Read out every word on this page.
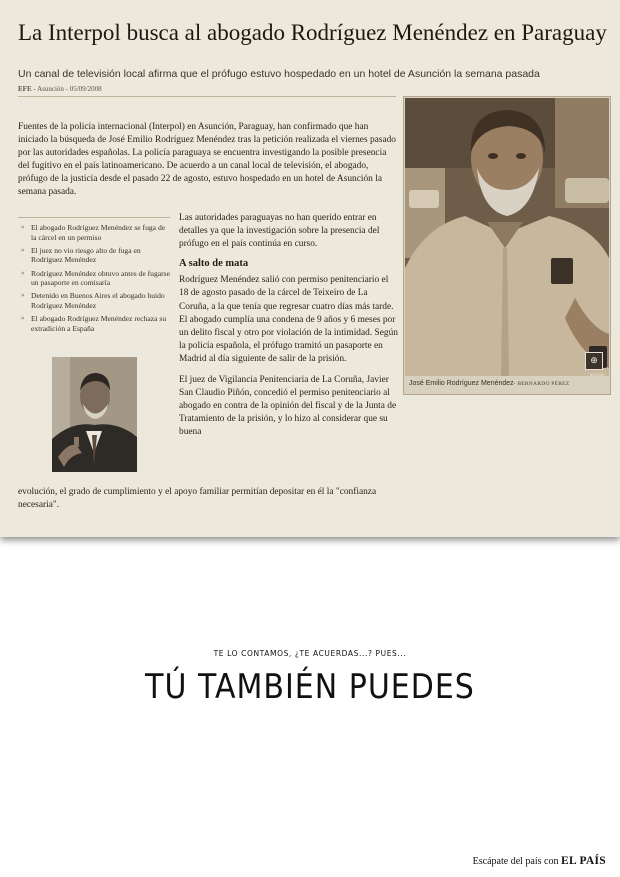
La Interpol busca al abogado Rodríguez Menéndez en Paraguay

Un canal de televisión local afirma que el prófugo estuvo hospedado en un hotel de Asunción la semana pasada

EFE - Asunción - 05/09/2008

Fuentes de la policía internacional (Interpol) en Asunción, Paraguay, han confirmado que han iniciado la búsqueda de José Emilio Rodríguez Menéndez tras la petición realizada el viernes pasado por las autoridades españolas. La policía paraguaya se encuentra investigando la posible presencia del fugitivo en el país latinoamericano. De acuerdo a un canal local de televisión, el abogado, prófugo de la justicia desde el pasado 22 de agosto, estuvo hospedado en un hotel de Asunción la semana pasada.

» El abogado Rodríguez Menéndez se fuga de la cárcel en un permiso
» El juez no vio riesgo alto de fuga en Rodríguez Menéndez
» Rodríguez Menéndez obtuvo antes de fugarse un pasaporte en comisaría
» Detenido en Buenos Aires el abogado huido Rodríguez Menéndez
» El abogado Rodríguez Menéndez rechaza su extradición a España

Las autoridades paraguayas no han querido entrar en detalles ya que la investigación sobre la presencia del prófugo en el país continúa en curso.

A salto de mata

Rodríguez Menéndez salió con permiso penitenciario el 18 de agosto pasado de la cárcel de Teixeiro de La Coruña, a la que tenía que regresar cuatro días más tarde. El abogado cumplía una condena de 9 años y 6 meses por un delito fiscal y otro por violación de la intimidad. Según la policía española, el prófugo tramitó un pasaporte en Madrid al día siguiente de salir de la prisión.

El juez de Vigilancia Penitenciaria de La Coruña, Javier San Claudio Piñón, concedió el permiso penitenciario al abogado en contra de la opinión del fiscal y de la Junta de Tratamiento de la prisión, y lo hizo al considerar que su buena

evolución, el grado de cumplimiento y el apoyo familiar permitían depositar en él la "confianza necesaria".

⊕
ampliar
José Emilio Rodríguez Menéndez- BERNARDO PÉREZ
TE LO CONTAMOS, ¿TE ACUERDAS...? PUES...
TÚ TAMBIÉN PUEDES
Escápate del país con EL PAÍS
